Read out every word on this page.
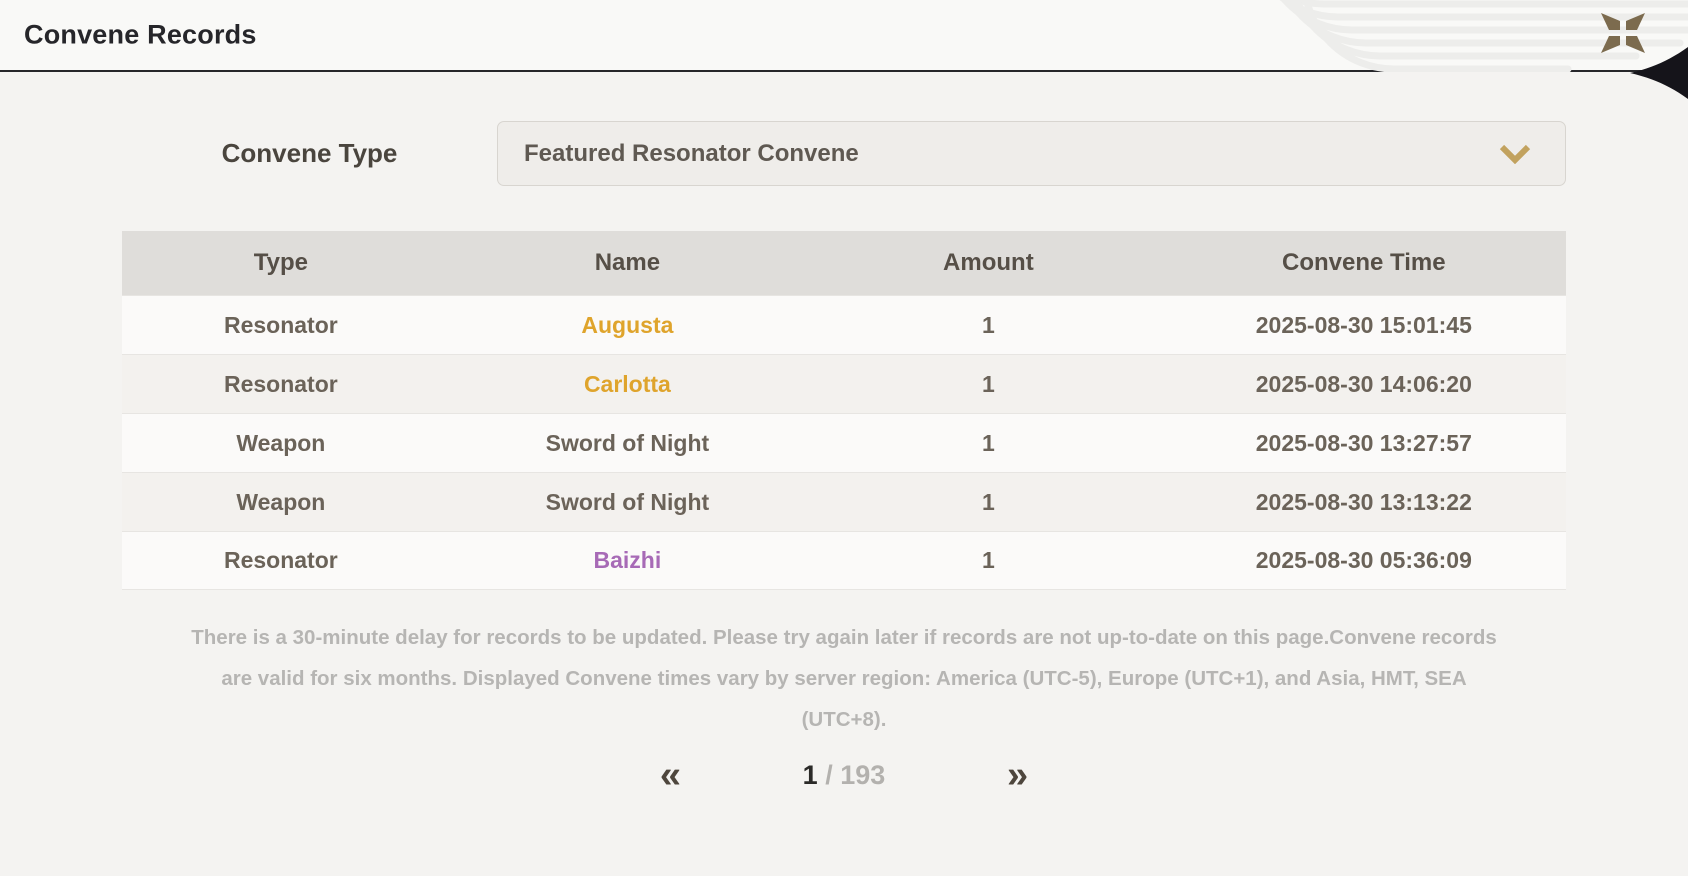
Convene Records
Convene Type	Featured Resonator Convene
Type	Name	Amount	Convene Time
Resonator	Augusta	1	2025-08-30 15:01:45
Resonator	Carlotta	1	2025-08-30 14:06:20
Weapon	Sword of Night	1	2025-08-30 13:27:57
Weapon	Sword of Night	1	2025-08-30 13:13:22
Resonator	Baizhi	1	2025-08-30 05:36:09
There is a 30-minute delay for records to be updated. Please try again later if records are not up-to-date on this page.Convene records are valid for six months. Displayed Convene times vary by server region: America (UTC-5), Europe (UTC+1), and Asia, HMT, SEA (UTC+8).
«	1 / 193	»
